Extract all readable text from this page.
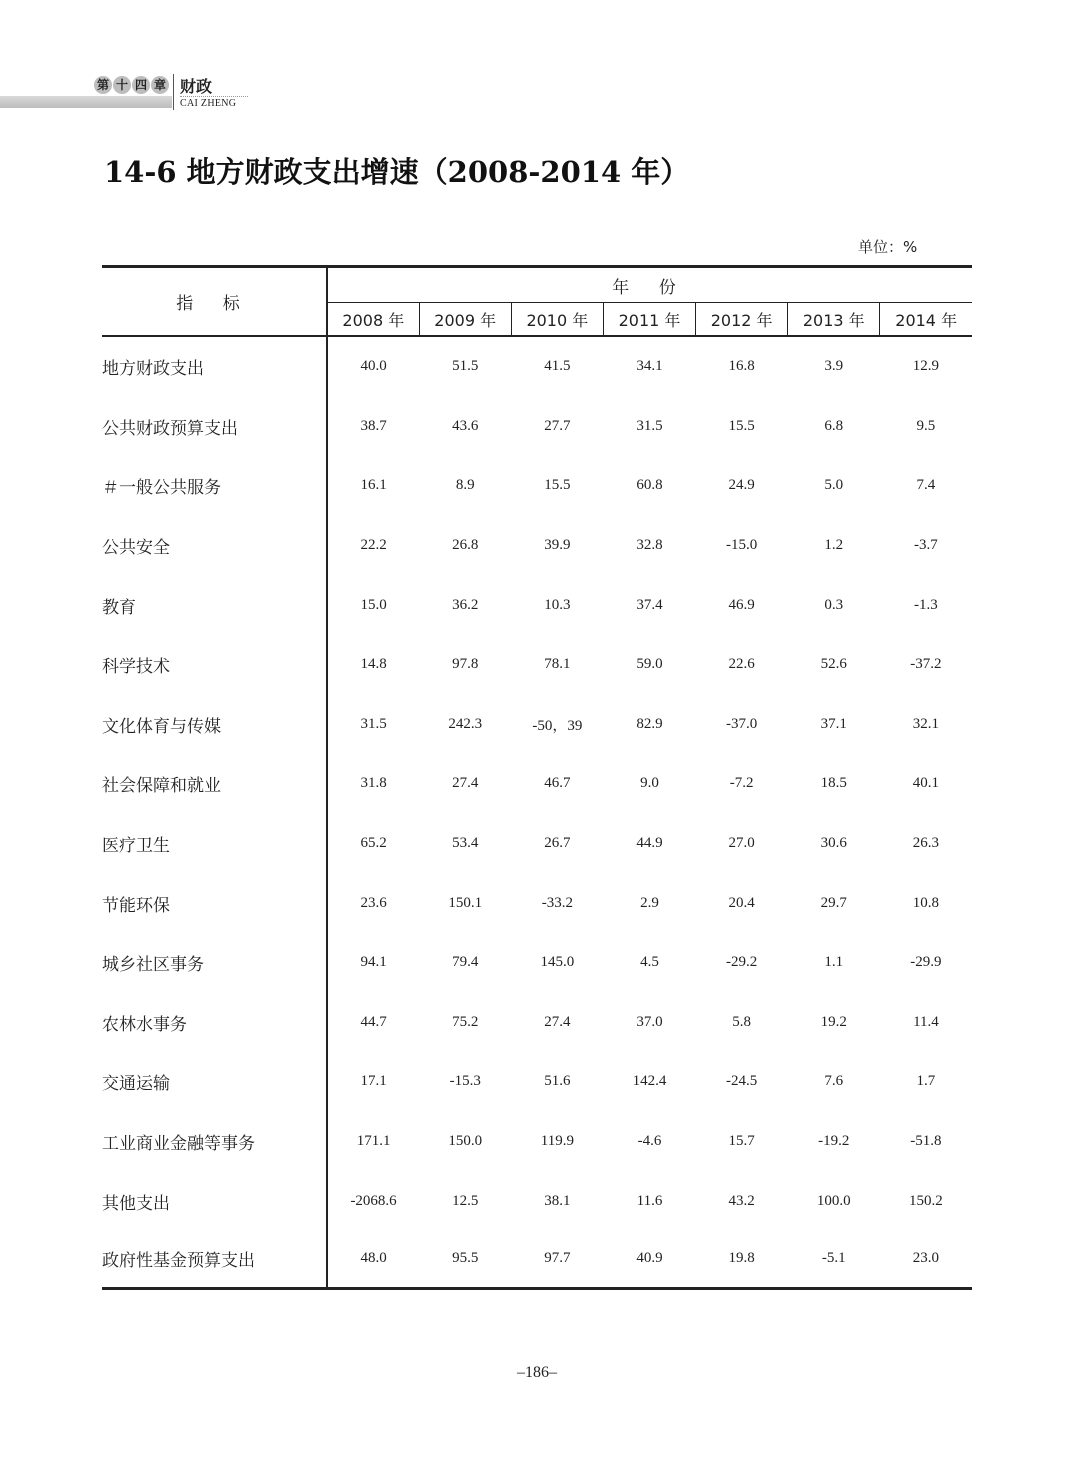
第 十 四 章 财政
CAI ZHENG
14-6 地方财政支出增速（2008-2014 年）
单位：%
指 标	年 份						
	2008 年	2009 年	2010 年	2011 年	2012 年	2013 年	2014 年
地方财政支出	40.0	51.5	41.5	34.1	16.8	3.9	12.9
公共财政预算支出	38.7	43.6	27.7	31.5	15.5	6.8	9.5
＃一般公共服务	16.1	8.9	15.5	60.8	24.9	5.0	7.4
公共安全	22.2	26.8	39.9	32.8	-15.0	1.2	-3.7
教育	15.0	36.2	10.3	37.4	46.9	0.3	-1.3
科学技术	14.8	97.8	78.1	59.0	22.6	52.6	-37.2
文化体育与传媒	31.5	242.3	-50，39	82.9	-37.0	37.1	32.1
社会保障和就业	31.8	27.4	46.7	9.0	-7.2	18.5	40.1
医疗卫生	65.2	53.4	26.7	44.9	27.0	30.6	26.3
节能环保	23.6	150.1	-33.2	2.9	20.4	29.7	10.8
城乡社区事务	94.1	79.4	145.0	4.5	-29.2	1.1	-29.9
农林水事务	44.7	75.2	27.4	37.0	5.8	19.2	11.4
交通运输	17.1	-15.3	51.6	142.4	-24.5	7.6	1.7
工业商业金融等事务	171.1	150.0	119.9	-4.6	15.7	-19.2	-51.8
其他支出	-2068.6	12.5	38.1	11.6	43.2	100.0	150.2
政府性基金预算支出	48.0	95.5	97.7	40.9	19.8	-5.1	23.0
–186–
